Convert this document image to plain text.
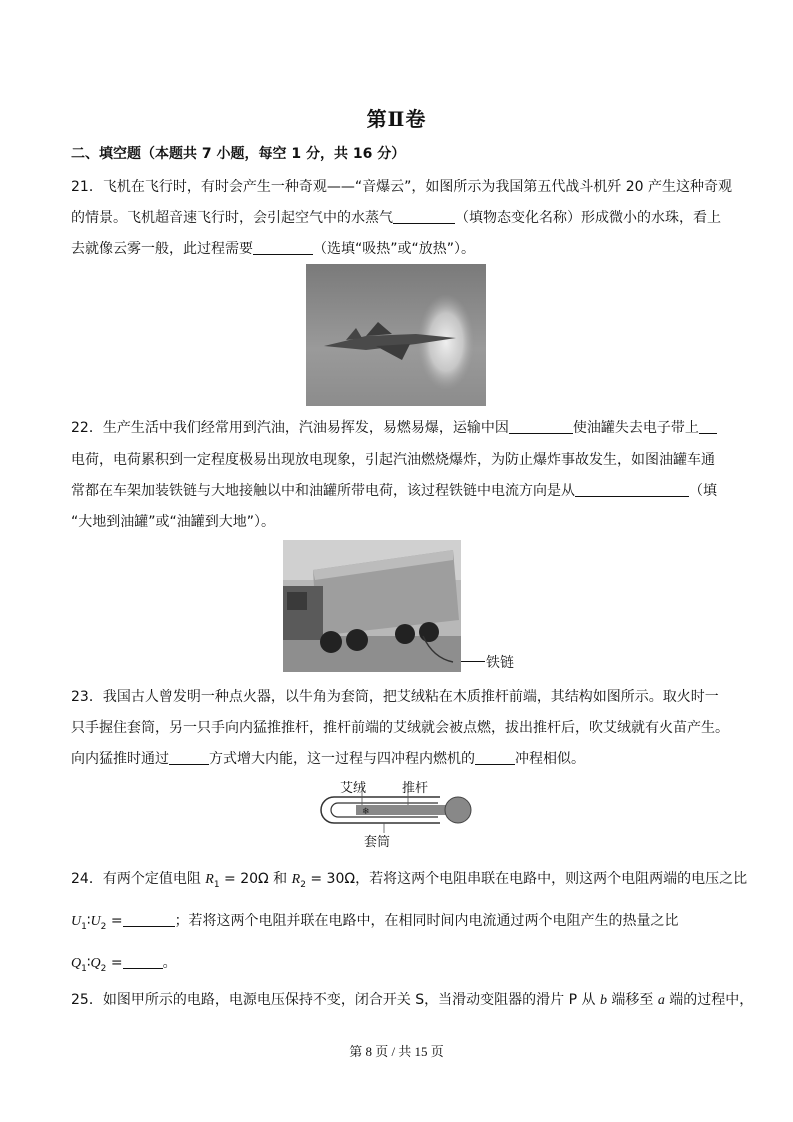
第Ⅱ卷
二、填空题（本题共 7 小题，每空 1 分，共 16 分）
21．飞机在飞行时，有时会产生一种奇观——“音爆云”，如图所示为我国第五代战斗机歼 20 产生这种奇观
的情景。飞机超音速飞行时，会引起空气中的水蒸气	（填物态变化名称）形成微小的水珠，看上
去就像云雾一般，此过程需要	（选填“吸热”或“放热”）。
22．生产生活中我们经常用到汽油，汽油易挥发，易燃易爆，运输中因	使油罐失去电子带上
电荷，电荷累积到一定程度极易出现放电现象，引起汽油燃烧爆炸，为防止爆炸事故发生，如图油罐车通
常都在车架加装铁链与大地接触以中和油罐所带电荷，该过程铁链中电流方向是从	（填
“大地到油罐”或“油罐到大地”）。
铁链
23．我国古人曾发明一种点火器，以牛角为套筒，把艾绒粘在木质推杆前端，其结构如图所示。取火时一
只手握住套筒，另一只手向内猛推推杆，推杆前端的艾绒就会被点燃，拔出推杆后，吹艾绒就有火苗产生。
向内猛推时通过	方式增大内能，这一过程与四冲程内燃机的	冲程相似。
❄
艾绒	推杆
套筒
24．有两个定值电阻 $R_1 = 20\Omega$ 和 $R_2 = 30\Omega$，若将这两个电阻串联在电路中，则这两个电阻两端的电压之比
$U_1∶U_2$ =	；若将这两个电阻并联在电路中，在相同时间内电流通过两个电阻产生的热量之比
$Q_1∶Q_2$ =	。
25．如图甲所示的电路，电源电压保持不变，闭合开关 S，当滑动变阻器的滑片 P 从 b 端移至 a 端的过程中，
第 8 页 / 共 15 页
